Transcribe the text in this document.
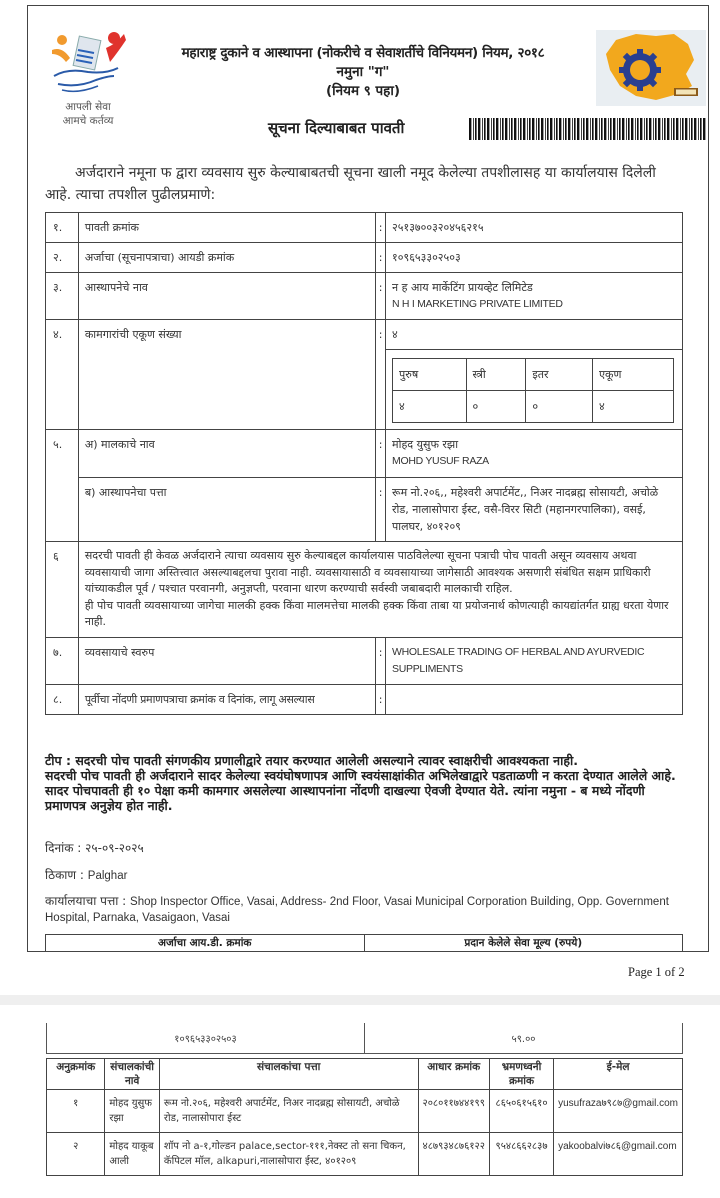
आपली सेवा
आमचे कर्तव्य
महाराष्ट्र दुकाने व आस्थापना (नोकरीचे व सेवाशर्तीचे विनियमन) नियम, २०१८
नमुना "ग"
(नियम ९ पहा)
सूचना दिल्याबाबत पावती
अर्जदाराने नमूना फ द्वारा व्यवसाय सुरु केल्याबाबतची सूचना खाली नमूद केलेल्या तपशीलासह या कार्यालयास दिलेली आहे. त्याचा तपशील पुढीलप्रमाणे:
१.	पावती क्रमांक	:	२५१३७००३२०४५६२१५
२.	अर्जाचा (सूचनापत्राचा) आयडी क्रमांक	:	१०९६५३३०२५०३
३.	आस्थापनेचे नाव	:	न ह आय मार्केटिंग प्रायव्हेट लिमिटेड
N H I MARKETING PRIVATE LIMITED

४.	कामगारांची एकूण संख्या	:	४

पुरुष	स्त्री	इतर	एकूण
४	०	०	४

५.	अ) मालकाचे नाव	:	मोहद युसुफ रझा
MOHD YUSUF RAZA

ब) आस्थापनेचा पत्ता	:	रूम नो.२०६,, महेश्वरी अपार्टमेंट,, निअर नादब्रह्म सोसायटी, अचोळे रोड, नालासोपारा ईस्ट, वसै-विरर सिटी (महानगरपालिका), वसई, पालघर, ४०१२०९
६	सदरची पावती ही केवळ अर्जदाराने त्याचा व्यवसाय सुरु केल्याबद्दल कार्यालयास पाठविलेल्या सूचना पत्राची पोच पावती असून व्यवसाय अथवा व्यवसायाची जागा अस्तित्त्वात असल्याबद्दलचा पुरावा नाही. व्यवसायासाठी व व्यवसायाच्या जागेसाठी आवश्यक असणारी संबंधित सक्षम प्राधिकारी यांच्याकडील पूर्व / पश्चात परवानगी, अनुज्ञप्ती, परवाना धारण करण्याची सर्वस्वी जबाबदारी मालकाची राहिल.
ही पोच पावती व्यवसायाच्या जागेचा मालकी हक्क किंवा मालमत्तेचा मालकी हक्क किंवा ताबा या प्रयोजनार्थ कोणत्याही कायद्यांतर्गत ग्राह्य धरता येणार नाही.

७.	व्यवसायाचे स्वरुप	:	WHOLESALE TRADING OF HERBAL AND AYURVEDIC SUPPLIMENTS
८.	पूर्वीचा नोंदणी प्रमाणपत्राचा क्रमांक व दिनांक, लागू असल्यास	:	
टीप : सदरची पोच पावती संगणकीय प्रणालीद्वारे तयार करण्यात आलेली असल्याने त्यावर स्वाक्षरीची आवश्यकता नाही.
सदरची पोच पावती ही अर्जदाराने सादर केलेल्या स्वयंघोषणापत्र आणि स्वयंसाक्षांकीत अभिलेखाद्वारे पडताळणी न करता देण्यात आलेले आहे.
सादर पोचपावती ही १० पेक्षा कमी कामगार असलेल्या आस्थापनांना नोंदणी दाखल्या ऐवजी देण्यात येते. त्यांना नमुना - ब मध्ये नोंदणी प्रमाणपत्र अनुज्ञेय होत नाही.
दिनांक : २५-०९-२०२५
ठिकाण : Palghar
कार्यालयाचा पत्ता : Shop Inspector Office, Vasai, Address- 2nd Floor, Vasai Municipal Corporation Building, Opp. Government Hospital, Parnaka, Vasaigaon, Vasai
अर्जाचा आय.डी. क्रमांक	प्रदान केलेले सेवा मूल्य (रुपये)
Page 1 of 2
१०९६५३३०२५०३	५९.००
अनुक्रमांक	संचालकांची नावे	संचालकांचा पत्ता	आधार क्रमांक	भ्रमणध्वनी क्रमांक	ई-मेल
१	मोहद युसुफ रझा	रूम नो.२०६, महेश्वरी अपार्टमेंट, निअर नादब्रह्म सोसायटी, अचोळे रोड, नालासोपारा ईस्ट	२०८०११७४४१९९	८६५०६१५६१०	yusufraza७९८७@gmail.com
२	मोहद याकूब आली	शॉप नो a-१,गोल्डन palace,sector-१११,नेक्स्ट तो सना चिकन, कॅपिटल मॉल, alkapuri,नालासोपारा ईस्ट, ४०१२०९	४८७९३४८७६१२२	९५४८६६२८३७	yakoobalvi७८६@gmail.com
